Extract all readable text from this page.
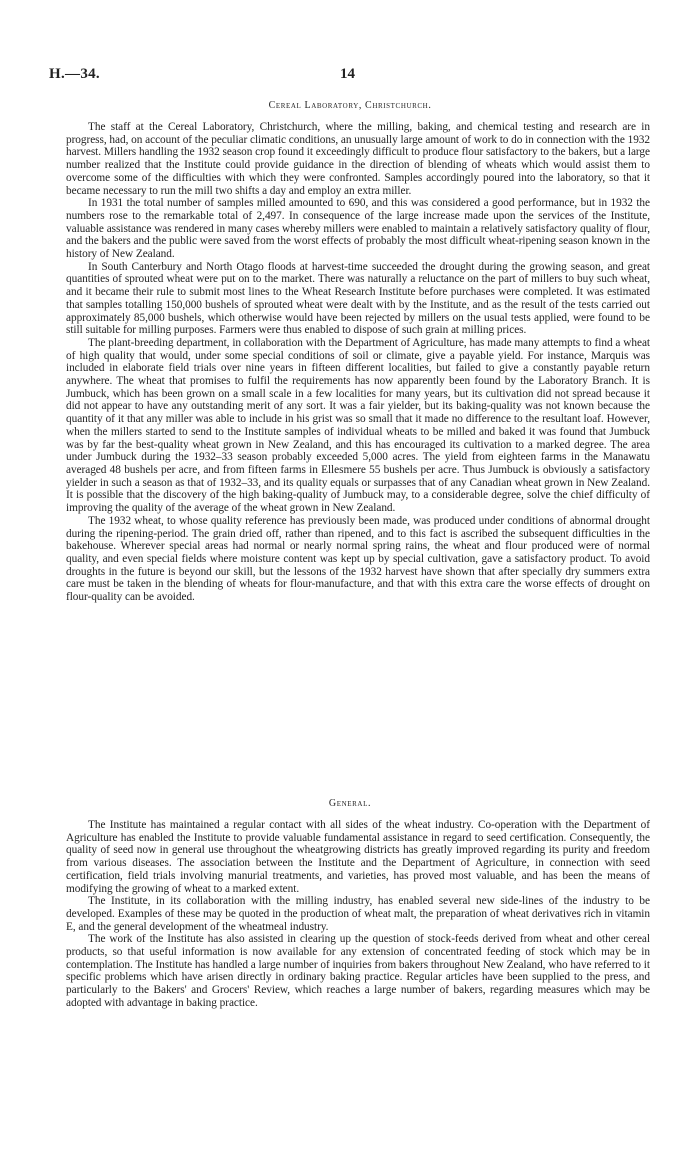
H.—34.	14
Cereal Laboratory, Christchurch.

The staff at the Cereal Laboratory, Christchurch, where the milling, baking, and chemical testing and research are in progress, had, on account of the peculiar climatic conditions, an unusually large amount of work to do in connection with the 1932 harvest. Millers handling the 1932 season crop found it exceedingly difficult to produce flour satisfactory to the bakers, but a large number realized that the Institute could provide guidance in the direction of blending of wheats which would assist them to overcome some of the difficulties with which they were confronted. Samples accordingly poured into the laboratory, so that it became necessary to run the mill two shifts a day and employ an extra miller.

In 1931 the total number of samples milled amounted to 690, and this was considered a good performance, but in 1932 the numbers rose to the remarkable total of 2,497. In consequence of the large increase made upon the services of the Institute, valuable assistance was rendered in many cases whereby millers were enabled to maintain a relatively satisfactory quality of flour, and the bakers and the public were saved from the worst effects of probably the most difficult wheat-ripening season known in the history of New Zealand.

In South Canterbury and North Otago floods at harvest-time succeeded the drought during the growing season, and great quantities of sprouted wheat were put on to the market. There was naturally a reluctance on the part of millers to buy such wheat, and it became their rule to submit most lines to the Wheat Research Institute before purchases were completed. It was estimated that samples totalling 150,000 bushels of sprouted wheat were dealt with by the Institute, and as the result of the tests carried out approximately 85,000 bushels, which otherwise would have been rejected by millers on the usual tests applied, were found to be still suitable for milling purposes. Farmers were thus enabled to dispose of such grain at milling prices.

The plant-breeding department, in collaboration with the Department of Agriculture, has made many attempts to find a wheat of high quality that would, under some special conditions of soil or climate, give a payable yield. For instance, Marquis was included in elaborate field trials over nine years in fifteen different localities, but failed to give a constantly payable return anywhere. The wheat that promises to fulfil the requirements has now apparently been found by the Laboratory Branch. It is Jumbuck, which has been grown on a small scale in a few localities for many years, but its cultivation did not spread because it did not appear to have any outstanding merit of any sort. It was a fair yielder, but its baking-quality was not known because the quantity of it that any miller was able to include in his grist was so small that it made no difference to the resultant loaf. However, when the millers started to send to the Institute samples of individual wheats to be milled and baked it was found that Jumbuck was by far the best-quality wheat grown in New Zealand, and this has encouraged its cultivation to a marked degree. The area under Jumbuck during the 1932–33 season probably exceeded 5,000 acres. The yield from eighteen farms in the Manawatu averaged 48 bushels per acre, and from fifteen farms in Ellesmere 55 bushels per acre. Thus Jumbuck is obviously a satisfactory yielder in such a season as that of 1932–33, and its quality equals or surpasses that of any Canadian wheat grown in New Zealand. It is possible that the discovery of the high baking-quality of Jumbuck may, to a considerable degree, solve the chief difficulty of improving the quality of the average of the wheat grown in New Zealand.

The 1932 wheat, to whose quality reference has previously been made, was produced under conditions of abnormal drought during the ripening-period. The grain dried off, rather than ripened, and to this fact is ascribed the subsequent difficulties in the bakehouse. Wherever special areas had normal or nearly normal spring rains, the wheat and flour produced were of normal quality, and even special fields where moisture content was kept up by special cultivation, gave a satisfactory product. To avoid droughts in the future is beyond our skill, but the lessons of the 1932 harvest have shown that after specially dry summers extra care must be taken in the blending of wheats for flour-manufacture, and that with this extra care the worse effects of drought on flour-quality can be avoided.

General.

The Institute has maintained a regular contact with all sides of the wheat industry. Co-operation with the Department of Agriculture has enabled the Institute to provide valuable fundamental assistance in regard to seed certification. Consequently, the quality of seed now in general use throughout the wheatgrowing districts has greatly improved regarding its purity and freedom from various diseases. The association between the Institute and the Department of Agriculture, in connection with seed certification, field trials involving manurial treatments, and varieties, has proved most valuable, and has been the means of modifying the growing of wheat to a marked extent.

The Institute, in its collaboration with the milling industry, has enabled several new side-lines of the industry to be developed. Examples of these may be quoted in the production of wheat malt, the preparation of wheat derivatives rich in vitamin E, and the general development of the wheatmeal industry.

The work of the Institute has also assisted in clearing up the question of stock-feeds derived from wheat and other cereal products, so that useful information is now available for any extension of concentrated feeding of stock which may be in contemplation. The Institute has handled a large number of inquiries from bakers throughout New Zealand, who have referred to it specific problems which have arisen directly in ordinary baking practice. Regular articles have been supplied to the press, and particularly to the Bakers' and Grocers' Review, which reaches a large number of bakers, regarding measures which may be adopted with advantage in baking practice.
